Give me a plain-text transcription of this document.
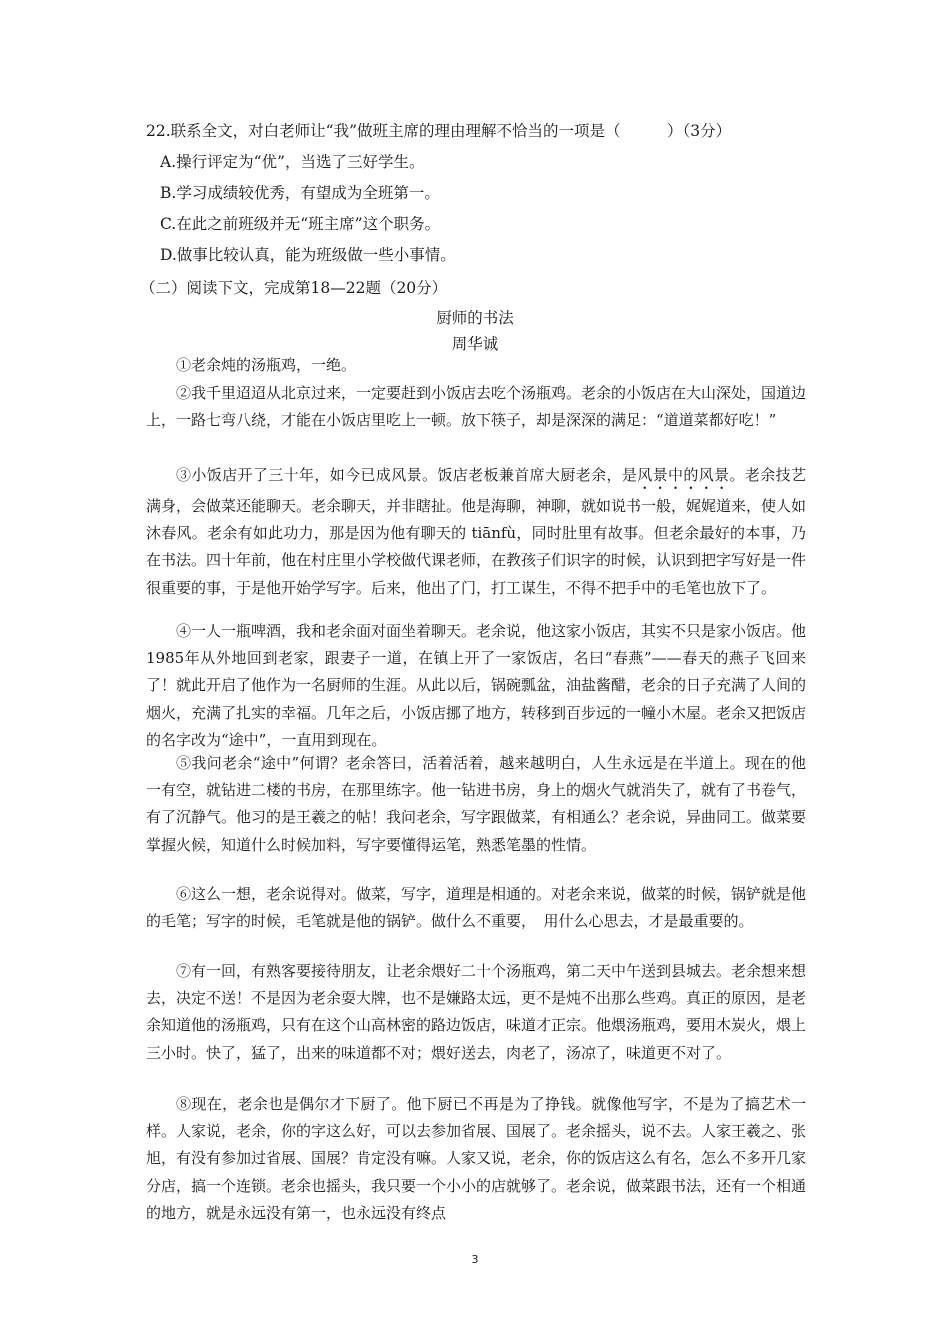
22.联系全文，对白老师让“我”做班主席的理由理解不恰当的一项是（　　　）（3分）
A.操行评定为“优”，当选了三好学生。
B.学习成绩较优秀，有望成为全班第一。
C.在此之前班级并无“班主席”这个职务。
D.做事比较认真，能为班级做一些小事情。
（二）阅读下文，完成第18—22题（20分）
厨师的书法
周华诚

①老余炖的汤瓶鸡，一绝。

②我千里迢迢从北京过来，一定要赶到小饭店去吃个汤瓶鸡。老余的小饭店在大山深处，国道边上，一路七弯八绕，才能在小饭店里吃上一顿。放下筷子，却是深深的满足：“道道菜都好吃！”

③小饭店开了三十年，如今已成风景。饭店老板兼首席大厨老余，是风景中的风景。老余技艺满身，会做菜还能聊天。老余聊天，并非瞎扯。他是海聊，神聊，就如说书一般，娓娓道来，使人如沐春风。老余有如此功力，那是因为他有聊天的 tiānfù，同时肚里有故事。但老余最好的本事，乃在书法。四十年前，他在村庄里小学校做代课老师，在教孩子们识字的时候，认识到把字写好是一件很重要的事，于是他开始学写字。后来，他出了门，打工谋生，不得不把手中的毛笔也放下了。

④一人一瓶啤酒，我和老余面对面坐着聊天。老余说，他这家小饭店，其实不只是家小饭店。他1985年从外地回到老家，跟妻子一道，在镇上开了一家饭店，名曰“春燕”——春天的燕子飞回来了！就此开启了他作为一名厨师的生涯。从此以后，锅碗瓢盆，油盐酱醋，老余的日子充满了人间的烟火，充满了扎实的幸福。几年之后，小饭店挪了地方，转移到百步远的一幢小木屋。老余又把饭店的名字改为“途中”，一直用到现在。

⑤我问老余“途中”何谓？老余答曰，活着活着，越来越明白，人生永远是在半道上。现在的他一有空，就钻进二楼的书房，在那里练字。他一钻进书房，身上的烟火气就消失了，就有了书卷气，有了沉静气。他习的是王羲之的帖！我问老余，写字跟做菜，有相通么？老余说，异曲同工。做菜要掌握火候，知道什么时候加料，写字要懂得运笔，熟悉笔墨的性情。

⑥这么一想，老余说得对。做菜，写字，道理是相通的。对老余来说，做菜的时候，锅铲就是他的毛笔；写字的时候，毛笔就是他的锅铲。做什么不重要，　用什么心思去，才是最重要的。

⑦有一回，有熟客要接待朋友，让老余煨好二十个汤瓶鸡，第二天中午送到县城去。老余想来想去，决定不送！不是因为老余耍大牌，也不是嫌路太远，更不是炖不出那么些鸡。真正的原因，是老余知道他的汤瓶鸡，只有在这个山高林密的路边饭店，味道才正宗。他煨汤瓶鸡，要用木炭火，煨上三小时。快了，猛了，出来的味道都不对；煨好送去，肉老了，汤凉了，味道更不对了。

⑧现在，老余也是偶尔才下厨了。他下厨已不再是为了挣钱。就像他写字，不是为了搞艺术一样。人家说，老余，你的字这么好，可以去参加省展、国展了。老余摇头，说不去。人家王羲之、张旭，有没有参加过省展、国展？肯定没有嘛。人家又说，老余，你的饭店这么有名，怎么不多开几家分店，搞一个连锁。老余也摇头，我只要一个小小的店就够了。老余说，做菜跟书法，还有一个相通的地方，就是永远没有第一，也永远没有终点

3
